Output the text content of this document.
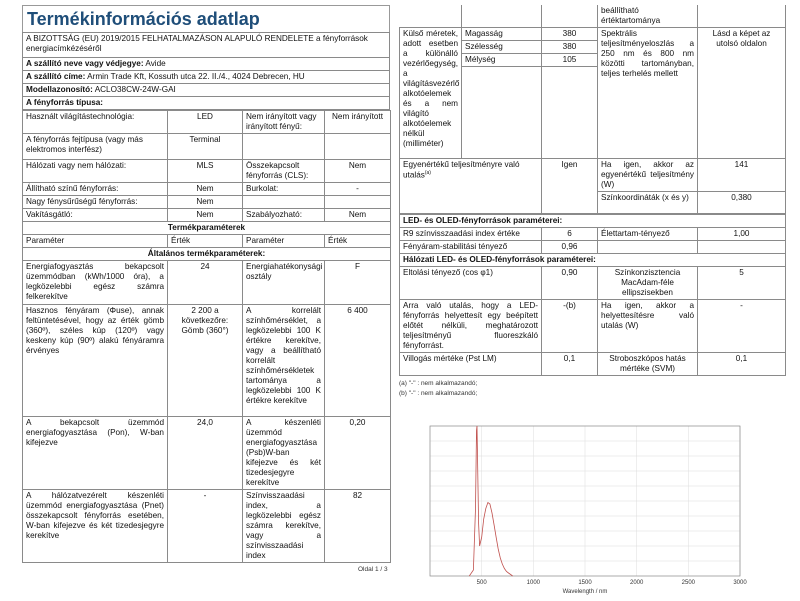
Termékinformációs adatlap
A BIZOTTSÁG (EU) 2019/2015 FELHATALMAZÁSON ALAPULÓ RENDELETE a fényforrások energiacímkézéséről
A szállító neve vagy védjegye: Avide
A szállító címe: Armin Trade Kft, Kossuth utca 22. II./4., 4024 Debrecen, HU
Modellazonosító: ACLO38CW-24W-GAI
A fényforrás típusa:
Használt világítástechnológia:	LED	Nem irányított vagy irányított fényű:	Nem irányított
A fényforrás fejtípusa (vagy más elektromos interfész)	Terminal		
Hálózati vagy nem hálózati:	MLS	Összekapcsolt fényforrás (CLS):	Nem
Állítható színű fényforrás:	Nem	Burkolat:	-
Nagy fénysűrűségű fényforrás:	Nem		
Vakításgátló:	Nem	Szabályozható:	Nem
Termékparaméterek			
Paraméter	Érték	Paraméter	Érték
Általános termékparaméterek:			
Energiafogyasztás bekapcsolt üzemmódban (kWh/1000 óra), a legközelebbi egész számra felkerekítve	24	Energiahatékonysági osztály	F
Hasznos fényáram (Φuse), annak feltüntetésével, hogy az érték gömb (360º), széles kúp (120º) vagy keskeny kúp (90º) alakú fényáramra érvényes	2 200 a következőre: Gömb (360°)	A korrelált színhőmérséklet, a legközelebbi 100 K értékre kerekítve, vagy a beállítható korrelált színhőmérsékletek tartománya a legközelebbi 100 K értékre kerekítve	6 400
A bekapcsolt üzemmód energiafogyasztása (Pon), W-ban kifejezve	24,0	A készenléti üzemmód energiafogyasztása (Psb)W-ban kifejezve és két tizedesjegyre kerekítve	0,20
A hálózatvezérelt készenléti üzemmód energiafogyasztása (Pnet) összekapcsolt fényforrás esetében, W-ban kifejezve és két tizedesjegyre kerekítve	-	Színvisszaadási index, a legközelebbi egész számra kerekítve, vagy a színvisszaadási index	82
			beállítható értéktartománya	
Külső méretek, adott esetben a különálló vezérlőegység, a világításvezérlő alkotóelemek és a nem világító alkotóelemek nélkül (milliméter)	Magasság	380	Spektrális teljesítményeloszlás a 250 nm és 800 nm közötti tartományban, teljes terhelés mellett	Lásd a képet az utolsó oldalon
	Szélesség	380		
	Mélység	105		

Egyenértékű teljesítményre való utalás$^{(a)}$		Igen	Ha igen, akkor az egyenértékű teljesítmény (W)	141
			Színkoordináták (x és y)	0,380
LED- és OLED-fényforrások paraméterei:			
R9 színvisszaadási index értéke	6	Élettartam-tényező	1,00
Fényáram-stabilitási tényező	0,96		
Hálózati LED- és OLED-fényforrások paraméterei:			
Eltolási tényező (cos φ1)	0,90	Színkonzisztencia MacAdam-féle ellipszisekben	5
Arra való utalás, hogy a LED-fényforrás helyettesít egy beépített előtét nélküli, meghatározott teljesítményű fluoreszkáló fényforrást.	-(b)	Ha igen, akkor a helyettesítésre való utalás (W)	-
Villogás mértéke (Pst LM)	0,1	Stroboszkópos hatás mértéke (SVM)	0,1
(a) "-" : nem alkalmazandó;
(b) "-" : nem alkalmazandó;
Oldal 1 / 3
500	1000	1500	2000	2500	3000
Wavelength / nm
